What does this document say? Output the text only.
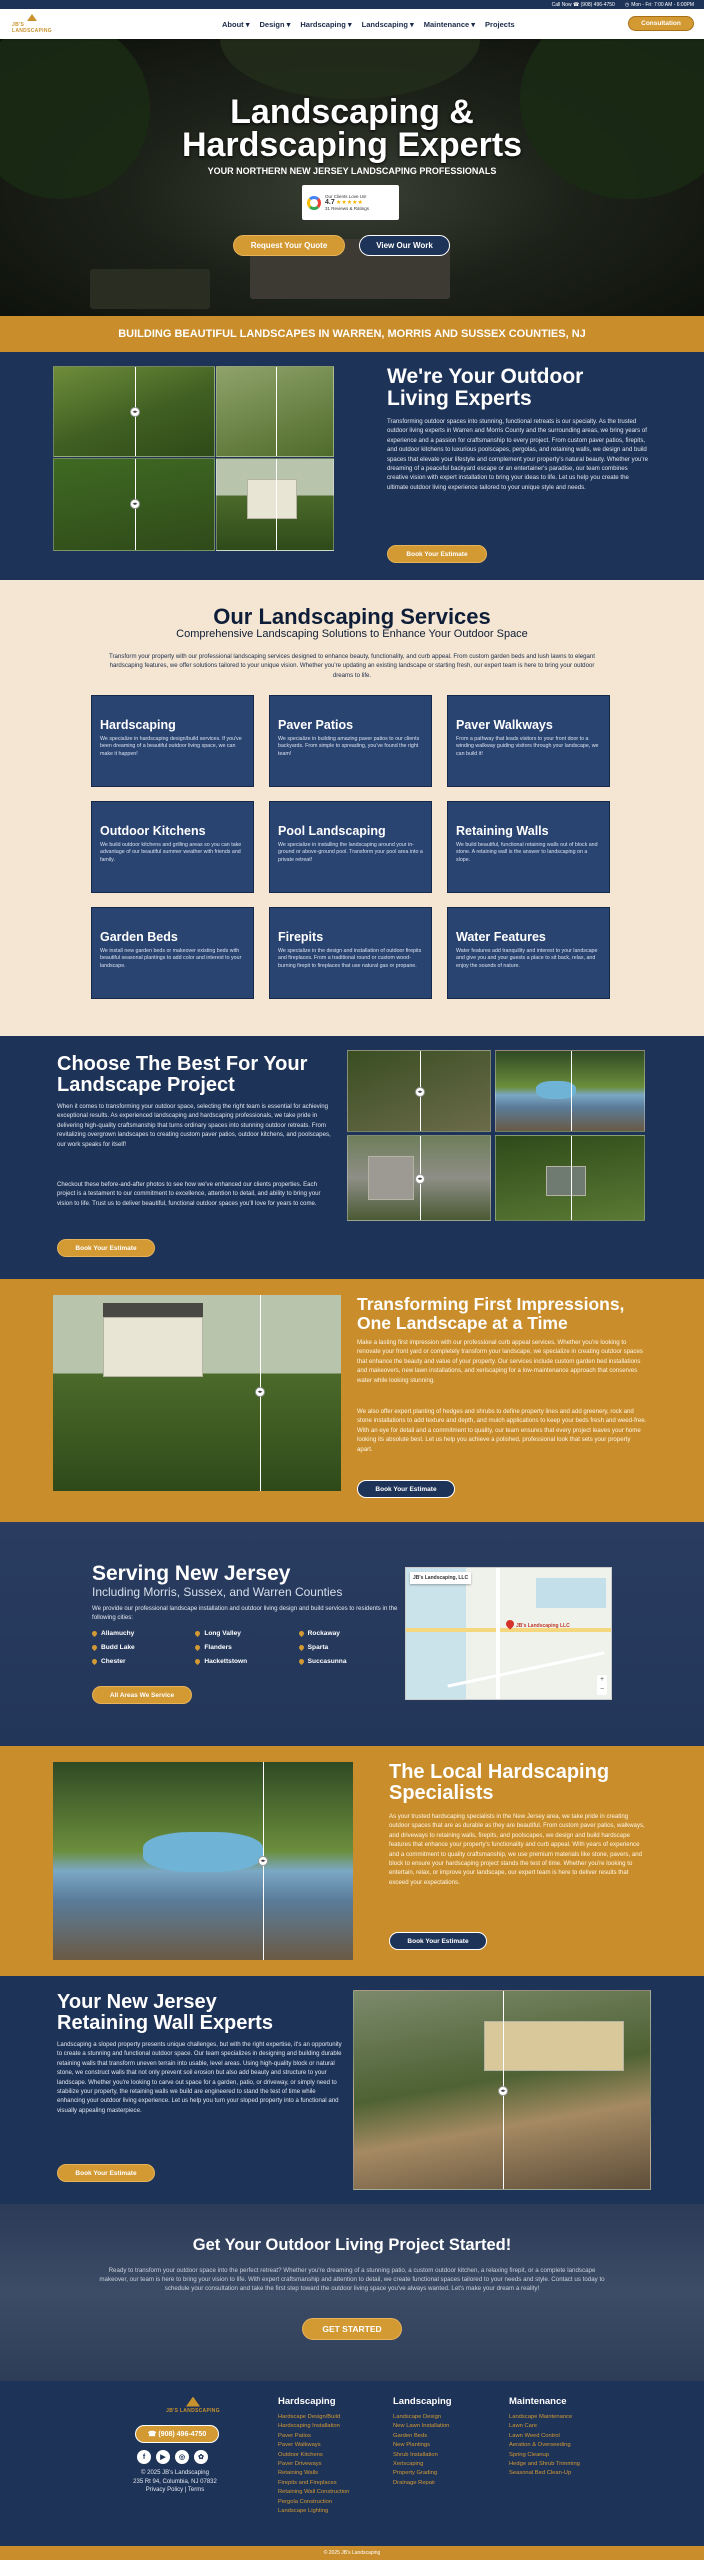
Call Now ☎ (908) 496-4750 ◷ Mon - Fri: 7:00 AM - 6:00PM
JB'S LANDSCAPING
About ▾ Design ▾ Hardscaping ▾ Landscaping ▾ Maintenance ▾ Projects	Consultation
Landscaping &
Hardscaping Experts
YOUR NORTHERN NEW JERSEY LANDSCAPING PROFESSIONALS
Our Clients Love Us!
4.7 ★★★★★
31 Reviews & Ratings
Request Your Quote	View Our Work
BUILDING BEAUTIFUL LANDSCAPES IN WARREN, MORRIS AND SUSSEX COUNTIES, NJ
◂▸
◂▸
We're Your Outdoor
Living Experts
Transforming outdoor spaces into stunning, functional retreats is our specialty. As the trusted outdoor living experts in Warren and Morris County and the surrounding areas, we bring years of experience and a passion for craftsmanship to every project. From custom paver patios, firepits, and outdoor kitchens to luxurious poolscapes, pergolas, and retaining walls, we design and build spaces that elevate your lifestyle and complement your property's natural beauty. Whether you're dreaming of a peaceful backyard escape or an entertainer's paradise, our team combines creative vision with expert installation to bring your ideas to life. Let us help you create the ultimate outdoor living experience tailored to your unique style and needs.
Book Your Estimate
Our Landscaping Services
Comprehensive Landscaping Solutions to Enhance Your Outdoor Space
Transform your property with our professional landscaping services designed to enhance beauty, functionality, and curb appeal. From custom garden beds and lush lawns to elegant hardscaping features, we offer solutions tailored to your unique vision. Whether you're updating an existing landscape or starting fresh, our expert team is here to bring your outdoor dreams to life.
Hardscaping

We specialize in hardscaping design/build services. If you've been dreaming of a beautiful outdoor living space, we can make it happen!

Paver Patios

We specialize in building amazing paver patios to our clients backyards. From simple to spreading, you've found the right team!

Paver Walkways

From a pathway that leads visitors to your front door to a winding walkway guiding visitors through your landscape, we can build it!

Outdoor Kitchens

We build outdoor kitchens and grilling areas so you can take advantage of our beautiful summer weather with friends and family.

Pool Landscaping

We specialize in installing the landscaping around your in-ground or above-ground pool. Transform your pool area into a private retreat!

Retaining Walls

We build beautiful, functional retaining walls out of block and stone. A retaining wall is the answer to landscaping on a slope.

Garden Beds

We install new garden beds or makeover existing beds with beautiful seasonal plantings to add color and interest to your landscape.

Firepits

We specialize in the design and installation of outdoor firepits and fireplaces. From a traditional round or custom wood-burning firepit to fireplaces that use natural gas or propane.

Water Features

Water features add tranquility and interest to your landscape and give you and your guests a place to sit back, relax, and enjoy the sounds of nature.

Choose The Best For Your
Landscape Project
When it comes to transforming your outdoor space, selecting the right team is essential for achieving exceptional results. As experienced landscaping and hardscaping professionals, we take pride in delivering high-quality craftsmanship that turns ordinary spaces into stunning outdoor retreats. From revitalizing overgrown landscapes to creating custom paver patios, outdoor kitchens, and poolscapes, our work speaks for itself!
Checkout these before-and-after photos to see how we've enhanced our clients properties. Each project is a testament to our commitment to excellence, attention to detail, and ability to bring your vision to life. Trust us to deliver beautiful, functional outdoor spaces you'll love for years to come.
Book Your Estimate
◂▸
◂▸
◂▸
Transforming First Impressions,
One Landscape at a Time
Make a lasting first impression with our professional curb appeal services. Whether you're looking to renovate your front yard or completely transform your landscape, we specialize in creating outdoor spaces that enhance the beauty and value of your property. Our services include custom garden bed installations and makeovers, new lawn installations, and xeriscaping for a low-maintenance approach that conserves water while looking stunning.
We also offer expert planting of hedges and shrubs to define property lines and add greenery, rock and stone installations to add texture and depth, and mulch applications to keep your beds fresh and weed-free. With an eye for detail and a commitment to quality, our team ensures that every project leaves your home looking its absolute best. Let us help you achieve a polished, professional look that sets your property apart.
Book Your Estimate
Serving New Jersey
Including Morris, Sussex, and Warren Counties
We provide our professional landscape installation and outdoor living design and build services to residents in the following cities:
Allamuchy	Long Valley	Rockaway
Budd Lake	Flanders	Sparta
Chester	Hackettstown	Succasunna
All Areas We Service
JB's Landscaping, LLC
JB's Landscaping LLC
+
−
◂▸
The Local Hardscaping
Specialists
As your trusted hardscaping specialists in the New Jersey area, we take pride in creating outdoor spaces that are as durable as they are beautiful. From custom paver patios, walkways, and driveways to retaining walls, firepits, and poolscapes, we design and build hardscape features that enhance your property's functionality and curb appeal. With years of experience and a commitment to quality craftsmanship, we use premium materials like stone, pavers, and block to ensure your hardscaping project stands the test of time. Whether you're looking to entertain, relax, or improve your landscape, our expert team is here to deliver results that exceed your expectations.
Book Your Estimate
Your New Jersey
Retaining Wall Experts
Landscaping a sloped property presents unique challenges, but with the right expertise, it's an opportunity to create a stunning and functional outdoor space. Our team specializes in designing and building durable retaining walls that transform uneven terrain into usable, level areas. Using high-quality block or natural stone, we construct walls that not only prevent soil erosion but also add beauty and structure to your landscape. Whether you're looking to carve out space for a garden, patio, or driveway, or simply need to stabilize your property, the retaining walls we build are engineered to stand the test of time while enhancing your outdoor living experience. Let us help you turn your sloped property into a functional and visually appealing masterpiece.
Book Your Estimate
◂▸
Get Your Outdoor Living Project Started!

Ready to transform your outdoor space into the perfect retreat? Whether you're dreaming of a stunning patio, a custom outdoor kitchen, a relaxing firepit, or a complete landscape makeover, our team is here to bring your vision to life. With expert craftsmanship and attention to detail, we create functional spaces tailored to your needs and style. Contact us today to schedule your consultation and take the first step toward the outdoor living space you've always wanted. Let's make your dream a reality!

GET STARTED
JB'S LANDSCAPING
☎ (908) 496-4750
f	▶	◎	✿
© 2025 JB's Landscaping
235 Rt 94, Columbia, NJ 07832
Privacy Policy | Terms
Hardscaping
Hardscape Design/Build
Hardscaping Installation
Paver Patios
Paver Walkways
Outdoor Kitchens
Paver Driveways
Retaining Walls
Firepits and Fireplaces
Retaining Wall Construction
Pergola Construction
Landscape Lighting
Landscaping
Landscape Design
New Lawn Installation
Garden Beds
New Plantings
Shrub Installation
Xeriscaping
Property Grading
Drainage Repair
Maintenance
Landscape Maintenance
Lawn Care
Lawn Weed Control
Aeration & Overseeding
Spring Cleanup
Hedge and Shrub Trimming
Seasonal Bed Clean-Up
© 2025 JB's Landscaping
